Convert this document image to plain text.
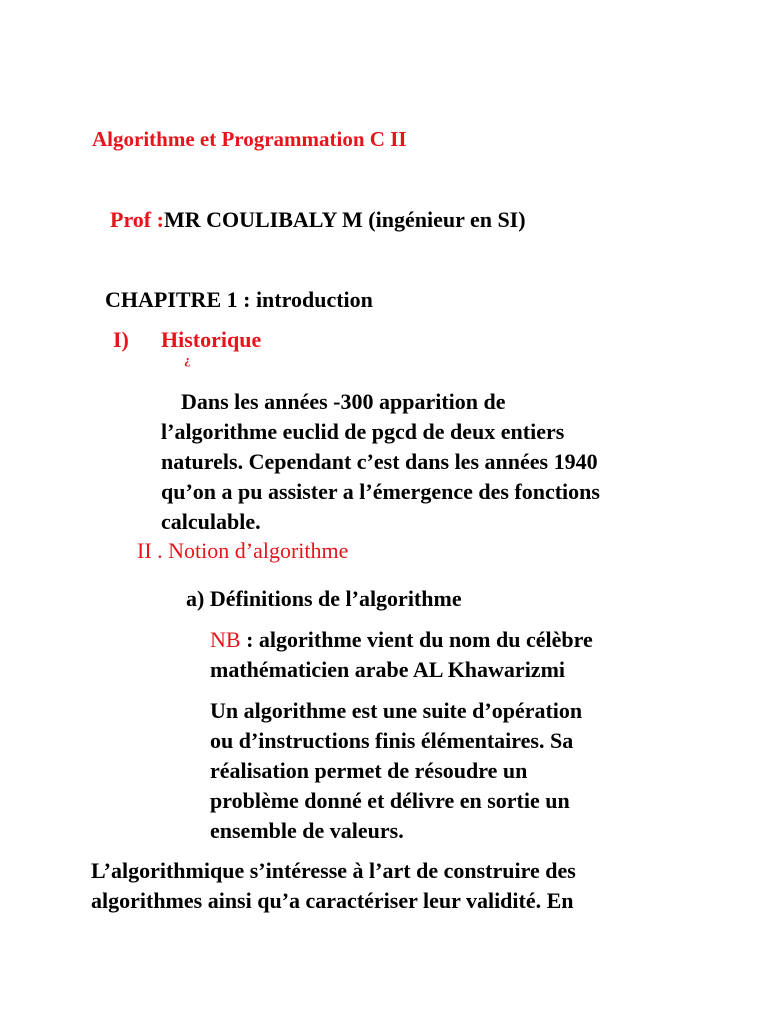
Algorithme et Programmation C II
Prof :MR COULIBALY M (ingénieur en SI)
CHAPITRE 1 : introduction
I) Historique
¿
Dans les années -300 apparition de
l’algorithme euclid de pgcd de deux entiers
naturels. Cependant c’est dans les années 1940
qu’on a pu assister a l’émergence des fonctions
calculable.
II . Notion d’algorithme
a) Définitions de l’algorithme
NB : algorithme vient du nom du célèbre
mathématicien arabe AL Khawarizmi
Un algorithme est une suite d’opération
ou d’instructions finis élémentaires. Sa
réalisation permet de résoudre un
problème donné et délivre en sortie un
ensemble de valeurs.
L’algorithmique s’intéresse à l’art de construire des
algorithmes ainsi qu’a caractériser leur validité. En
